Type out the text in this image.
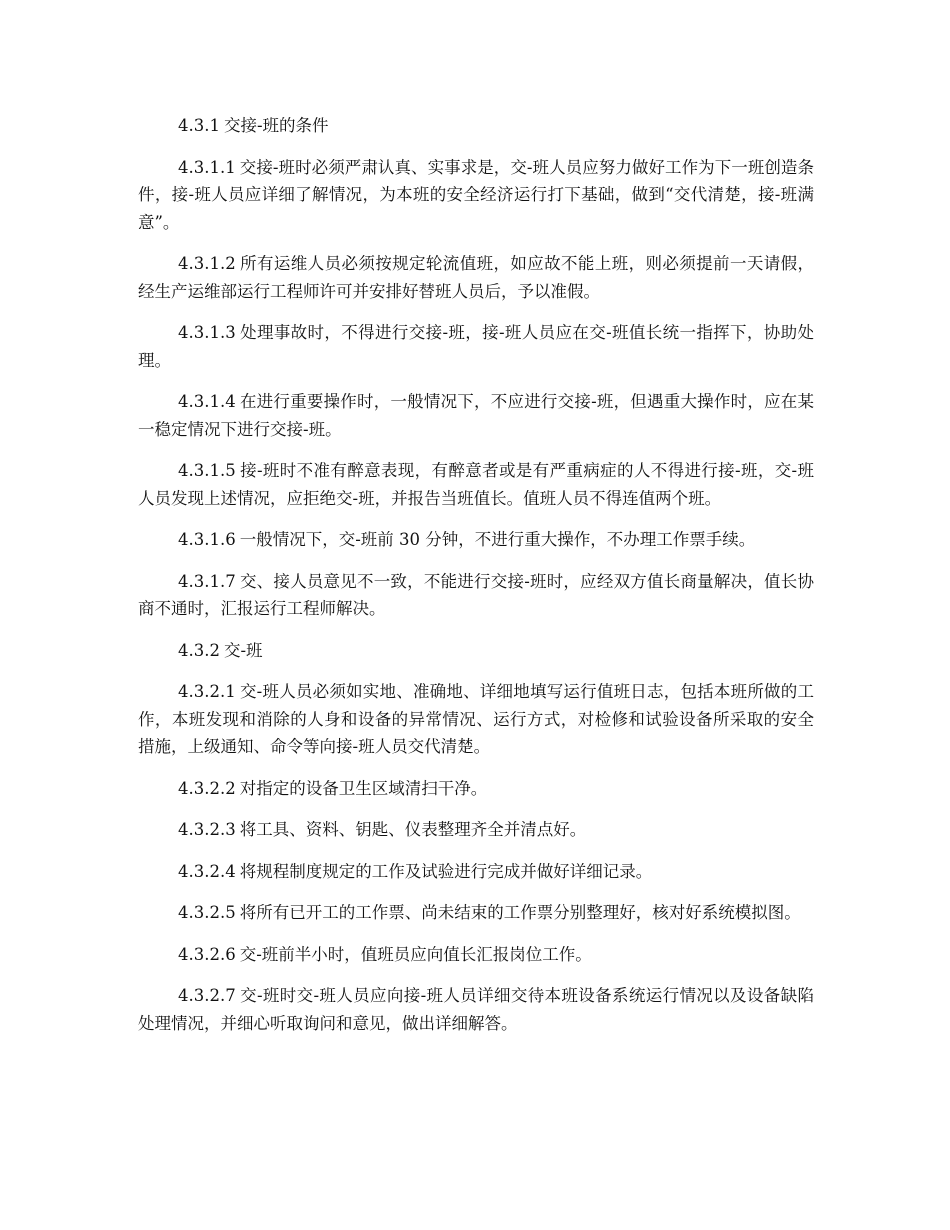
4.3.1 交接-班的条件

4.3.1.1 交接-班时必须严肃认真、实事求是，交-班人员应努力做好工作为下一班创造条件，接-班人员应详细了解情况，为本班的安全经济运行打下基础，做到“交代清楚，接-班满意”。

4.3.1.2 所有运维人员必须按规定轮流值班，如应故不能上班，则必须提前一天请假，经生产运维部运行工程师许可并安排好替班人员后，予以准假。

4.3.1.3 处理事故时，不得进行交接-班，接-班人员应在交-班值长统一指挥下，协助处理。

4.3.1.4 在进行重要操作时，一般情况下，不应进行交接-班，但遇重大操作时，应在某一稳定情况下进行交接-班。

4.3.1.5 接-班时不准有醉意表现，有醉意者或是有严重病症的人不得进行接-班，交-班人员发现上述情况，应拒绝交-班，并报告当班值长。值班人员不得连值两个班。

4.3.1.6 一般情况下，交-班前 30 分钟，不进行重大操作，不办理工作票手续。

4.3.1.7 交、接人员意见不一致，不能进行交接-班时，应经双方值长商量解决，值长协商不通时，汇报运行工程师解决。

4.3.2 交-班

4.3.2.1 交-班人员必须如实地、准确地、详细地填写运行值班日志，包括本班所做的工作，本班发现和消除的人身和设备的异常情况、运行方式，对检修和试验设备所采取的安全措施，上级通知、命令等向接-班人员交代清楚。

4.3.2.2 对指定的设备卫生区域清扫干净。

4.3.2.3 将工具、资料、钥匙、仪表整理齐全并清点好。

4.3.2.4 将规程制度规定的工作及试验进行完成并做好详细记录。

4.3.2.5 将所有已开工的工作票、尚未结束的工作票分别整理好，核对好系统模拟图。

4.3.2.6 交-班前半小时，值班员应向值长汇报岗位工作。

4.3.2.7 交-班时交-班人员应向接-班人员详细交待本班设备系统运行情况以及设备缺陷处理情况，并细心听取询问和意见，做出详细解答。
